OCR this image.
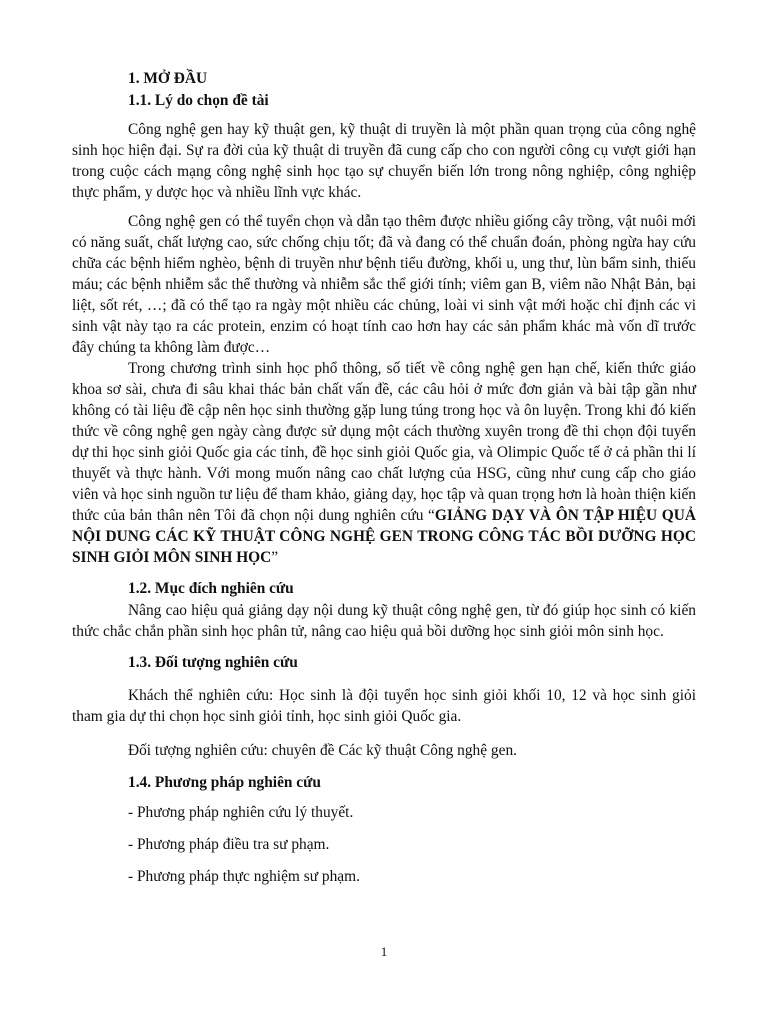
1. MỞ ĐẦU
1.1. Lý do chọn đề tài

Công nghệ gen hay kỹ thuật gen, kỹ thuật di truyền là một phần quan trọng của công nghệ sinh học hiện đại. Sự ra đời của kỹ thuật di truyền đã cung cấp cho con người công cụ vượt giới hạn trong cuộc cách mạng công nghệ sinh học tạo sự chuyển biến lớn trong nông nghiệp, công nghiệp thực phẩm, y dược học và nhiều lĩnh vực khác.

Công nghệ gen có thể tuyển chọn và dẫn tạo thêm được nhiều giống cây trồng, vật nuôi mới có năng suất, chất lượng cao, sức chống chịu tốt; đã và đang có thể chuẩn đoán, phòng ngừa hay cứu chữa các bệnh hiểm nghèo, bệnh di truyền như bệnh tiểu đường, khối u, ung thư, lùn bẩm sinh, thiếu máu; các bệnh nhiễm sắc thể thường và nhiễm sắc thể giới tính; viêm gan B, viêm não Nhật Bản, bại liệt, sốt rét, …; đã có thể tạo ra ngày một nhiều các chủng, loài vi sinh vật mới hoặc chỉ định các vi sinh vật này tạo ra các protein, enzim có hoạt tính cao hơn hay các sản phẩm khác mà vốn dĩ trước đây chúng ta không làm được…

Trong chương trình sinh học phổ thông, số tiết về công nghệ gen hạn chế, kiến thức giáo khoa sơ sài, chưa đi sâu khai thác bản chất vấn đề, các câu hỏi ở mức đơn giản và bài tập gần như không có tài liệu đề cập nên học sinh thường gặp lung túng trong học và ôn luyện. Trong khi đó kiến thức về công nghệ gen ngày càng được sử dụng một cách thường xuyên trong đề thi chọn đội tuyển dự thi học sinh giỏi Quốc gia các tỉnh, đề học sinh giỏi Quốc gia, và Olimpic Quốc tế ở cả phần thi lí thuyết và thực hành. Với mong muốn nâng cao chất lượng của HSG, cũng như cung cấp cho giáo viên và học sinh nguồn tư liệu để tham khảo, giảng dạy, học tập và quan trọng hơn là hoàn thiện kiến thức của bản thân nên Tôi đã chọn nội dung nghiên cứu “GIẢNG DẠY VÀ ÔN TẬP HIỆU QUẢ NỘI DUNG CÁC KỸ THUẬT CÔNG NGHỆ GEN TRONG CÔNG TÁC BỒI DƯỠNG HỌC SINH GIỎI MÔN SINH HỌC”

1.2. Mục đích nghiên cứu

Nâng cao hiệu quả giảng dạy nội dung kỹ thuật công nghệ gen, từ đó giúp học sinh có kiến thức chắc chắn phần sinh học phân tử, nâng cao hiệu quả bồi dưỡng học sinh giỏi môn sinh học.

1.3. Đối tượng nghiên cứu

Khách thể nghiên cứu: Học sinh là đội tuyển học sinh giỏi khối 10, 12 và học sinh giỏi tham gia dự thi chọn học sinh giỏi tỉnh, học sinh giỏi Quốc gia.

Đối tượng nghiên cứu: chuyên đề Các kỹ thuật Công nghệ gen.

1.4. Phương pháp nghiên cứu

- Phương pháp nghiên cứu lý thuyết.

- Phương pháp điều tra sư phạm.

- Phương pháp thực nghiệm sư phạm.

1
